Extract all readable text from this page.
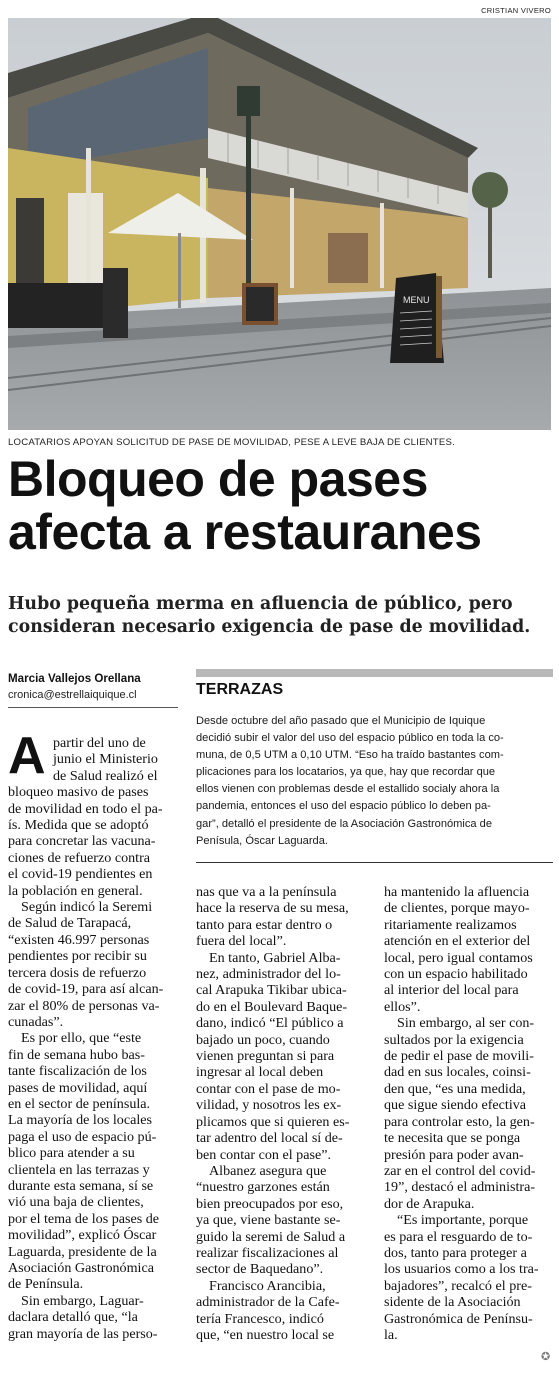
CRISTIAN VIVERO
MENU
LOCATARIOS APOYAN SOLICITUD DE PASE DE MOVILIDAD, PESE A LEVE BAJA DE CLIENTES.
Bloqueo de pases
afecta a restauranes
Hubo pequeña merma en afluencia de público, pero
consideran necesario exigencia de pase de movilidad.
Marcia Vallejos Orellana
cronica@estrellaiquique.cl	TERRAZAS
Desde octubre del año pasado que el Municipio de Iquique
decidió subir el valor del uso del espacio público en toda la co-
muna, de 0,5 UTM a 0,10 UTM. “Eso ha traído bastantes com-
plicaciones para los locatarios, ya que, hay que recordar que
ellos vienen con problemas desde el estallido socialy ahora la
pandemia, entonces el uso del espacio público lo deben pa-
gar”, detalló el presidente de la Asociación Gastronómica de
Penísula, Óscar Laguarda.
A partir del uno de
junio el Ministerio
de Salud realizó el
bloqueo masivo de pases
de movilidad en todo el pa-
ís. Medida que se adoptó
para concretar las vacuna-
ciones de refuerzo contra
el covid-19 pendientes en
la población en general.
Según indicó la Seremi
de Salud de Tarapacá,
“existen 46.997 personas
pendientes por recibir su
tercera dosis de refuerzo
de covid-19, para así alcan-
zar el 80% de personas va-
cunadas”.
Es por ello, que “este
fin de semana hubo bas-
tante fiscalización de los
pases de movilidad, aquí
en el sector de península.
La mayoría de los locales
paga el uso de espacio pú-
blico para atender a su
clientela en las terrazas y
durante esta semana, sí se
vió una baja de clientes,
por el tema de los pases de
movilidad”, explicó Óscar
Laguarda, presidente de la
Asociación Gastronómica
de Península.
Sin embargo, Laguar-
daclara detalló que, “la
gran mayoría de las perso-
nas que va a la península
hace la reserva de su mesa,
tanto para estar dentro o
fuera del local”.
En tanto, Gabriel Alba-
nez, administrador del lo-
cal Arapuka Tikibar ubica-
do en el Boulevard Baque-
dano, indicó “El público a
bajado un poco, cuando
vienen preguntan si para
ingresar al local deben
contar con el pase de mo-
vilidad, y nosotros les ex-
plicamos que si quieren es-
tar adentro del local sí de-
ben contar con el pase”.
Albanez asegura que
“nuestro garzones están
bien preocupados por eso,
ya que, viene bastante se-
guido la seremi de Salud a
realizar fiscalizaciones al
sector de Baquedano”.
Francisco Arancibia,
administrador de la Cafe-
tería Francesco, indicó
que, “en nuestro local se
ha mantenido la afluencia
de clientes, porque mayo-
ritariamente realizamos
atención en el exterior del
local, pero igual contamos
con un espacio habilitado
al interior del local para
ellos”.
Sin embargo, al ser con-
sultados por la exigencia
de pedir el pase de movili-
dad en sus locales, coinsi-
den que, “es una medida,
que sigue siendo efectiva
para controlar esto, la gen-
te necesita que se ponga
presión para poder avan-
zar en el control del covid-
19”, destacó el administra-
dor de Arapuka.
“Es importante, porque
es para el resguardo de to-
dos, tanto para proteger a
los usuarios como a los tra-
bajadores”, recalcó el pre-
sidente de la Asociación
Gastronómica de Penínsu-
la.
✪
